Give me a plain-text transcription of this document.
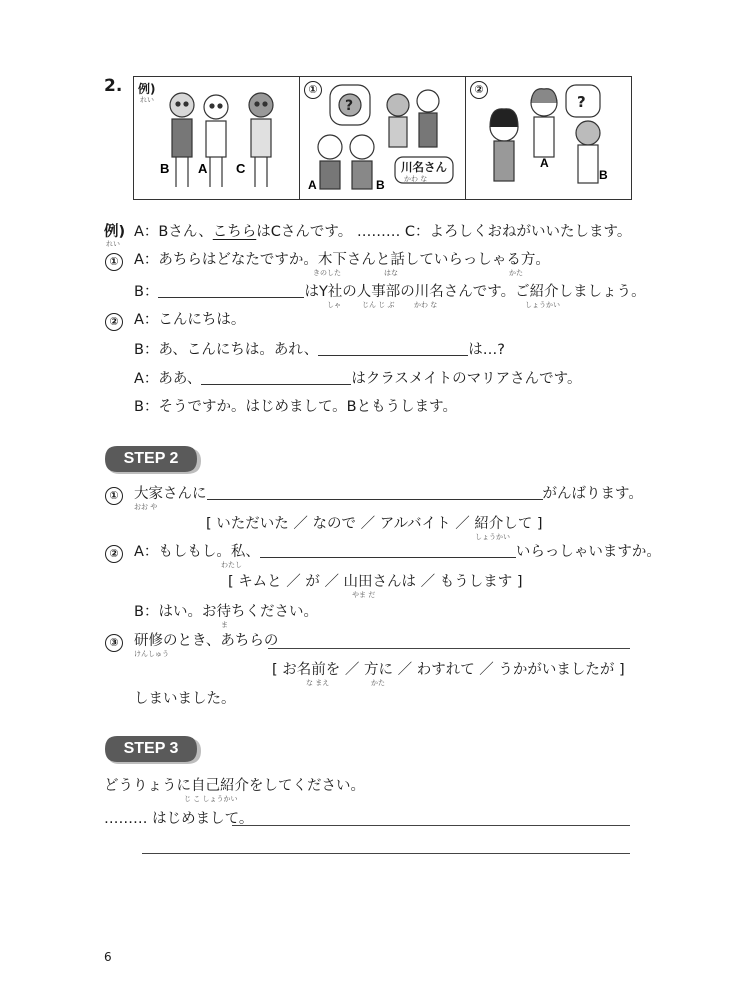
2. 例)
れい
B A C
①
?
A	B
川名さん
かわ な
②
?
A
B
例)
れい
A：Bさん、こちらはCさんです。 ……… C：よろしくおねがいいたします。
① A：あちらはどなたですか。木下さんと話していらっしゃる方。
きのした	はな	かた
B：	はY社の人事部の川名さんです。ご紹介しましょう。
しゃ	じん じ ぶ	かわ な	しょうかい
② A：こんにちは。
B：あ、こんにちは。あれ、	は…?
A：ああ、	はクラスメイトのマリアさんです。
B：そうですか。はじめまして。Bともうします。
STEP 2
① 大家さんに	がんばります。
おお や
[ いただいた ／ なので ／ アルバイト ／ 紹介して ]
しょうかい
② A：もしもし。私、	いらっしゃいますか。
わたし
[ キムと ／ が ／ 山田さんは ／ もうします ]
やま だ
B：はい。お待ちください。
ま
③ 研修のとき、あちらの
けんしゅう
[ お名前を ／ 方に ／ わすれて ／ うかがいましたが ]
な まえ	かた
しまいました。
STEP 3
どうりょうに自己紹介をしてください。
じ こ しょうかい
……… はじめまして。
6
